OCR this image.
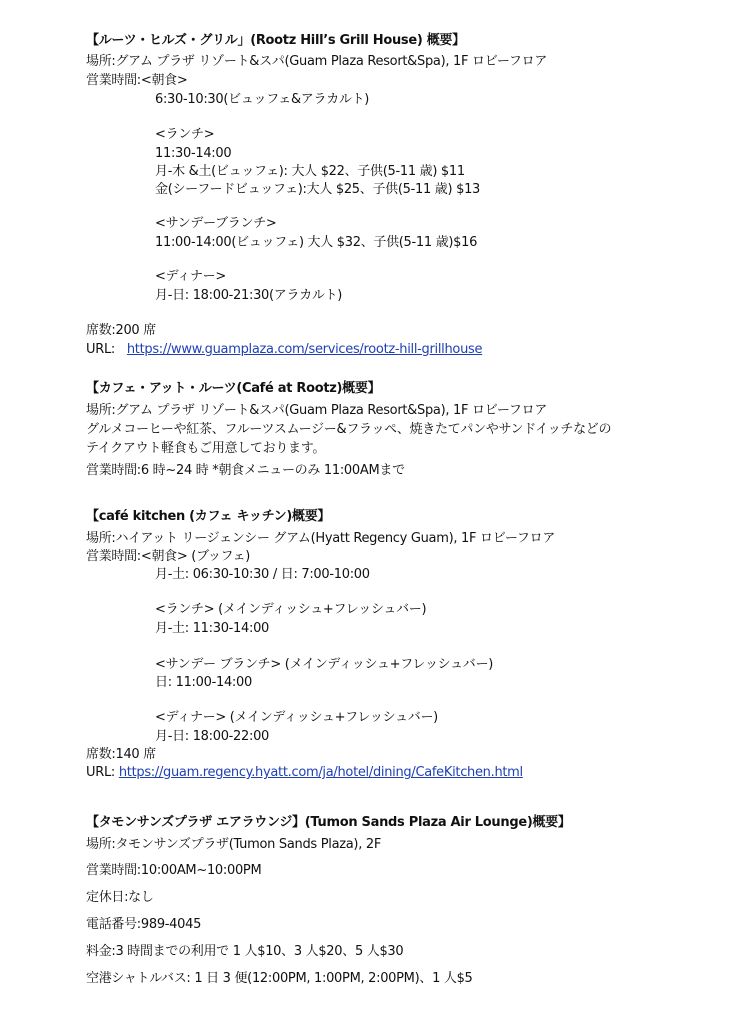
【ルーツ・ヒルズ・グリル」(Rootz Hill’s Grill House) 概要】
場所:グアム プラザ リゾート&スパ(Guam Plaza Resort&Spa), 1F ロビーフロア
営業時間:<朝食>
6:30-10:30(ビュッフェ&アラカルト)
<ランチ>
11:30-14:00
月-木 &土(ビュッフェ): 大人 $22、子供(5-11 歳) $11
金(シーフードビュッフェ):大人 $25、子供(5-11 歳) $13
<サンデーブランチ>
11:00-14:00(ビュッフェ) 大人 $32、子供(5-11 歳)$16
<ディナー>
月-日: 18:00-21:30(アラカルト)
席数:200 席
URL: https://www.guamplaza.com/services/rootz-hill-grillhouse
【カフェ・アット・ルーツ(Café at Rootz)概要】
場所:グアム プラザ リゾート&スパ(Guam Plaza Resort&Spa), 1F ロビーフロア
グルメコーヒーや紅茶、フルーツスムージー&フラッペ、焼きたてパンやサンドイッチなどの
テイクアウト軽食もご用意しております。
営業時間:6 時~24 時 *朝食メニューのみ 11:00AMまで
【café kitchen (カフェ キッチン)概要】
場所:ハイアット リージェンシー グアム(Hyatt Regency Guam), 1F ロビーフロア
営業時間:<朝食> (ブッフェ)
月-土: 06:30-10:30 / 日: 7:00-10:00
<ランチ> (メインディッシュ+フレッシュバー)
月-土: 11:30-14:00
<サンデー ブランチ> (メインディッシュ+フレッシュバー)
日: 11:00-14:00
<ディナー> (メインディッシュ+フレッシュバー)
月-日: 18:00-22:00
席数:140 席
URL: https://guam.regency.hyatt.com/ja/hotel/dining/CafeKitchen.html
【タモンサンズプラザ エアラウンジ】(Tumon Sands Plaza Air Lounge)概要】
場所:タモンサンズプラザ(Tumon Sands Plaza), 2F
営業時間:10:00AM~10:00PM
定休日:なし
電話番号:989-4045
料金:3 時間までの利用で 1 人$10、3 人$20、5 人$30
空港シャトルバス: 1 日 3 便(12:00PM, 1:00PM, 2:00PM)、1 人$5
